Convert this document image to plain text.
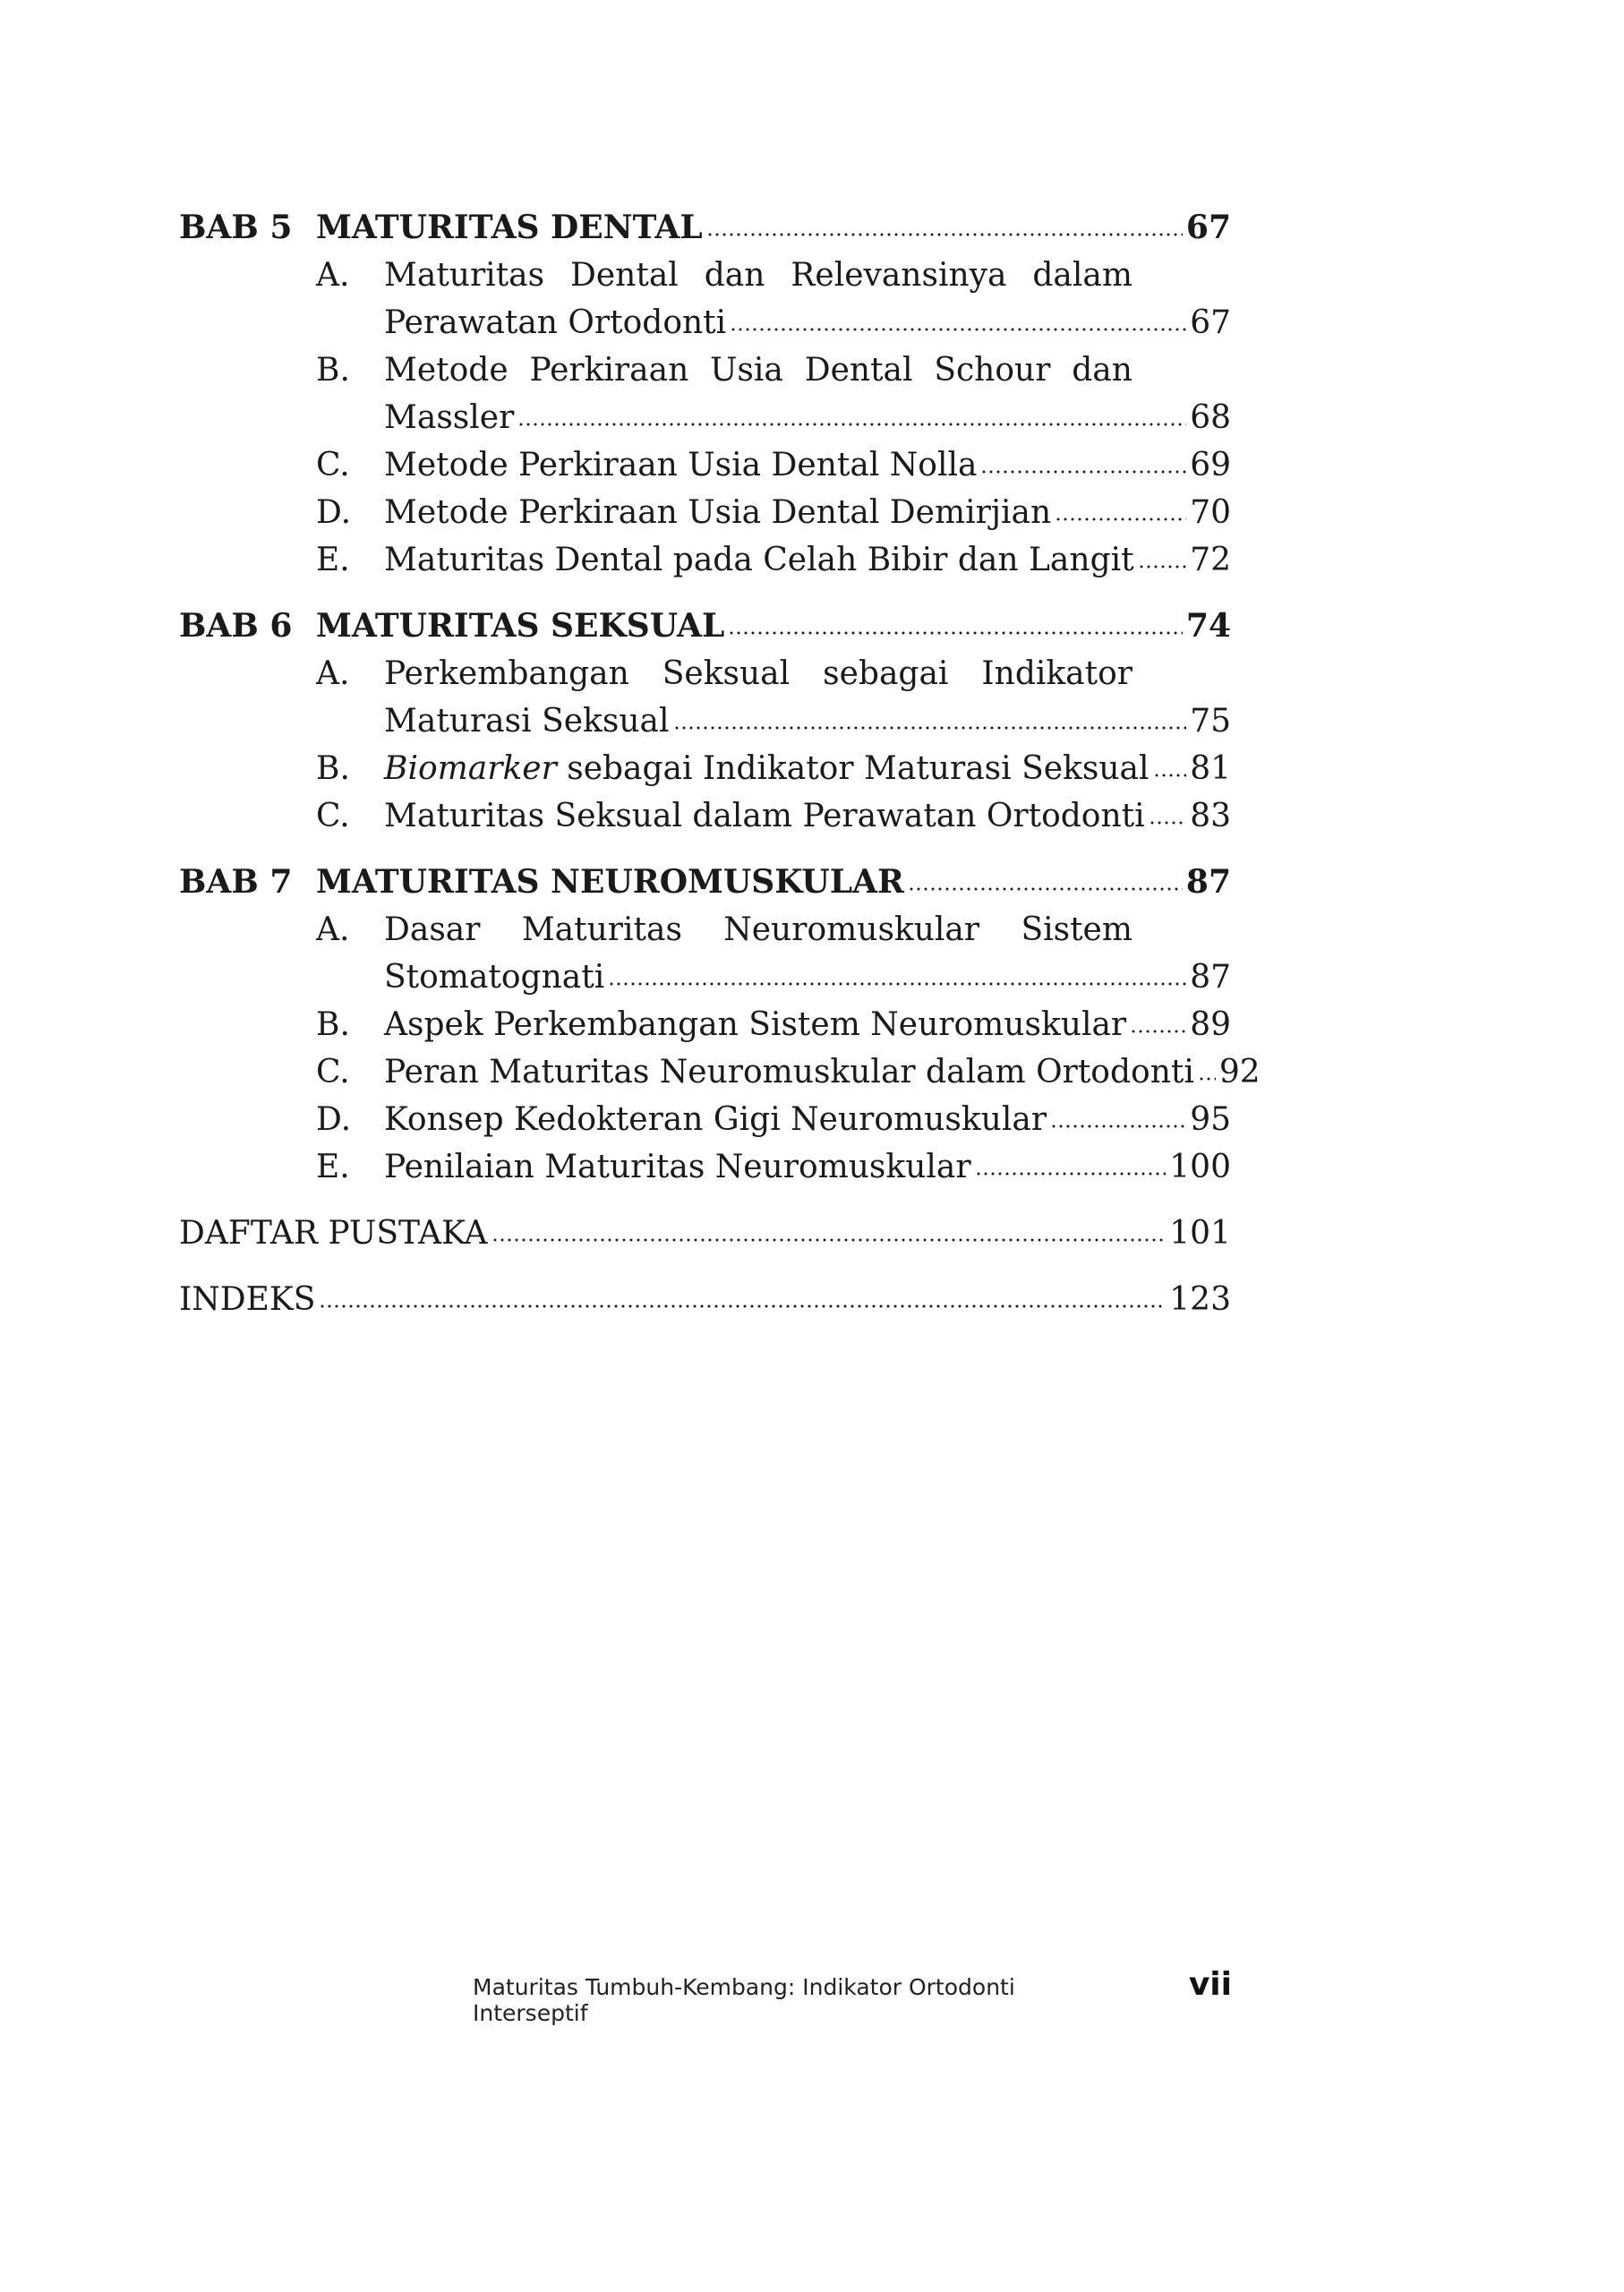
BAB 5 MATURITAS DENTAL	67
A.	Maturitas Dental dan Relevansinya dalam
Perawatan Ortodonti	67
B.	Metode Perkiraan Usia Dental Schour dan
Massler	68
C.	Metode Perkiraan Usia Dental Nolla	69
D.	Metode Perkiraan Usia Dental Demirjian	70
E.	Maturitas Dental pada Celah Bibir dan Langit 72
BAB 6 MATURITAS SEKSUAL	74
A.	Perkembangan Seksual sebagai Indikator
Maturasi Seksual	75
B.	Biomarker sebagai Indikator Maturasi Seksual 81
C.	Maturitas Seksual dalam Perawatan Ortodonti 83
BAB 7 MATURITAS NEUROMUSKULAR	87
A.	Dasar Maturitas Neuromuskular Sistem
Stomatognati	87
B.	Aspek Perkembangan Sistem Neuromuskular 89
C.	Peran Maturitas Neuromuskular dalam Ortodonti 92
D.	Konsep Kedokteran Gigi Neuromuskular	95
E.	Penilaian Maturitas Neuromuskular	100
DAFTAR PUSTAKA	101
INDEKS	123
Maturitas Tumbuh-Kembang: Indikator Ortodonti Interseptif
vii
